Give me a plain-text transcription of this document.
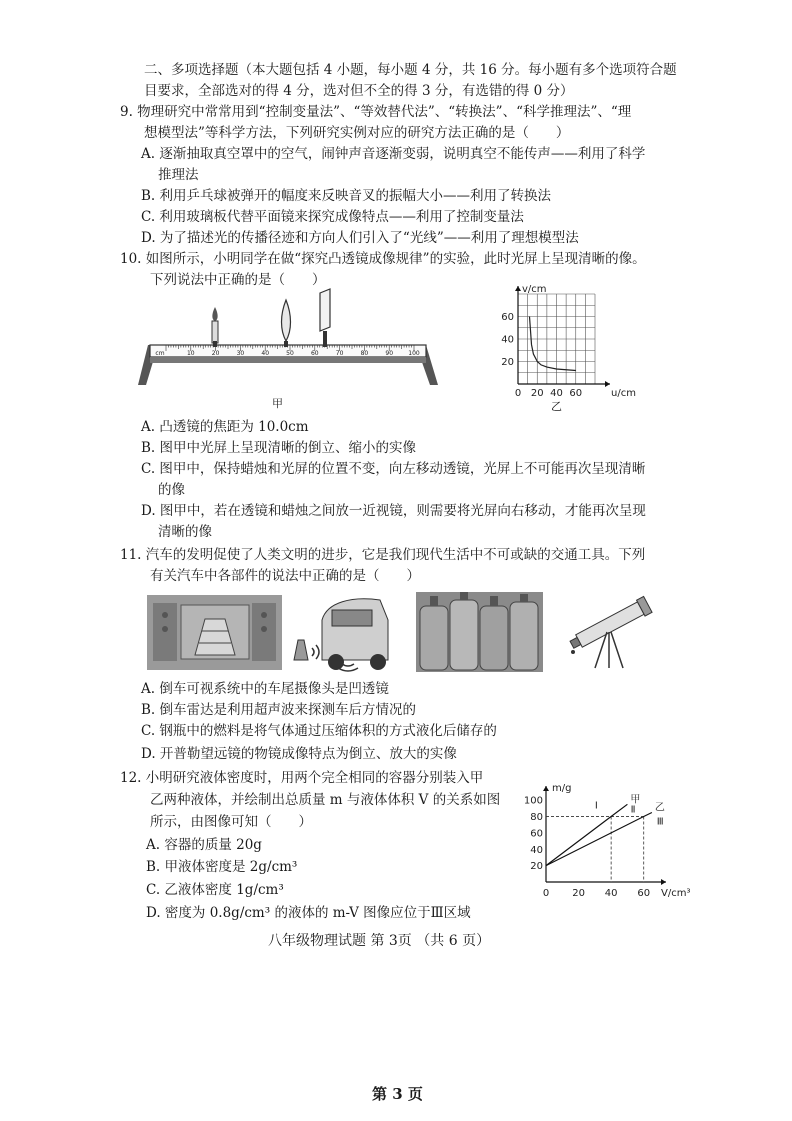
二、多项选择题（本大题包括 4 小题，每小题 4 分，共 16 分。每小题有多个选项符合题
目要求，全部选对的得 4 分，选对但不全的得 3 分，有选错的得 0 分）
9. 物理研究中常常用到“控制变量法”、“等效替代法”、“转换法”、“科学推理法”、“理
想模型法”等科学方法，下列研究实例对应的研究方法正确的是（　　）
A. 逐渐抽取真空罩中的空气，闹钟声音逐渐变弱，说明真空不能传声——利用了科学
推理法
B. 利用乒乓球被弹开的幅度来反映音叉的振幅大小——利用了转换法
C. 利用玻璃板代替平面镜来探究成像特点——利用了控制变量法
D. 为了描述光的传播径迹和方向人们引入了“光线”——利用了理想模型法
10. 如图所示，小明同学在做“探究凸透镜成像规律”的实验，此时光屏上呈现清晰的像。
下列说法中正确的是（　　）
cm	10	20	30	40	50	60	70	80	90	100
甲
0 20 40 60
20
40
60
u/cm
v/cm
乙
A. 凸透镜的焦距为 10.0cm
B. 图甲中光屏上呈现清晰的倒立、缩小的实像
C. 图甲中，保持蜡烛和光屏的位置不变，向左移动透镜，光屏上不可能再次呈现清晰
的像
D. 图甲中，若在透镜和蜡烛之间放一近视镜，则需要将光屏向右移动，才能再次呈现
清晰的像
11. 汽车的发明促使了人类文明的进步，它是我们现代生活中不可或缺的交通工具。下列
有关汽车中各部件的说法中正确的是（　　）
A. 倒车可视系统中的车尾摄像头是凹透镜
B. 倒车雷达是利用超声波来探测车后方情况的
C. 钢瓶中的燃料是将气体通过压缩体积的方式液化后储存的
D. 开普勒望远镜的物镜成像特点为倒立、放大的实像
12. 小明研究液体密度时，用两个完全相同的容器分别装入甲
乙两种液体，并绘制出总质量 m 与液体体积 V 的关系如图
所示，由图像可知（　　）
A. 容器的质量 20g
B. 甲液体密度是 2g/cm³
C. 乙液体密度 1g/cm³
D. 密度为 0.8g/cm³ 的液体的 m-V 图像应位于Ⅲ区域
0 20 40 60
20
40
60
80
100	甲
乙
Ⅰ	Ⅱ
Ⅲ
V/cm³
m/g
八年级物理试题 第 3页 （共 6 页）
第 3 页
